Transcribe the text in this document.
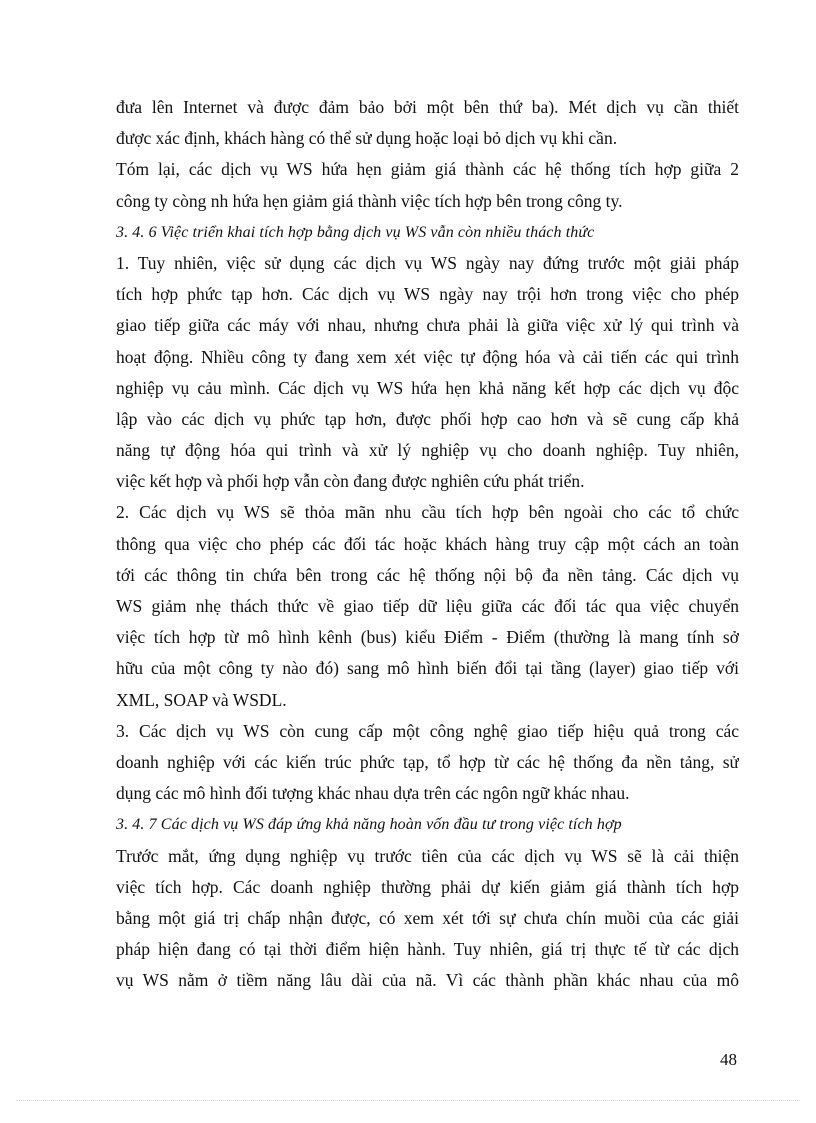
đưa lên Internet và được đảm bảo bởi một bên thứ ba). Mét dịch vụ cần thiết
được xác định, khách hàng có thể sử dụng hoặc loại bỏ dịch vụ khi cần.
Tóm lại, các dịch vụ WS hứa hẹn giảm giá thành các hệ thống tích hợp giữa 2
công ty còng nh hứa hẹn giảm giá thành việc tích hợp bên trong công ty.
3. 4. 6 Việc triển khai tích hợp bằng dịch vụ WS vẫn còn nhiều thách thức
1. Tuy nhiên, việc sử dụng các dịch vụ WS ngày nay đứng trước một giải pháp
tích hợp phức tạp hơn. Các dịch vụ WS ngày nay trội hơn trong việc cho phép
giao tiếp giữa các máy với nhau, nhưng chưa phải là giữa việc xử lý qui trình và
hoạt động. Nhiều công ty đang xem xét việc tự động hóa và cải tiến các qui trình
nghiệp vụ cảu mình. Các dịch vụ WS hứa hẹn khả năng kết hợp các dịch vụ độc
lập vào các dịch vụ phức tạp hơn, được phối hợp cao hơn và sẽ cung cấp khả
năng tự động hóa qui trình và xử lý nghiệp vụ cho doanh nghiệp. Tuy nhiên,
việc kết hợp và phối hợp vẫn còn đang được nghiên cứu phát triển.
2. Các dịch vụ WS sẽ thỏa mãn nhu cầu tích hợp bên ngoài cho các tổ chức
thông qua việc cho phép các đối tác hoặc khách hàng truy cập một cách an toàn
tới các thông tin chứa bên trong các hệ thống nội bộ đa nền tảng. Các dịch vụ
WS giảm nhẹ thách thức về giao tiếp dữ liệu giữa các đối tác qua việc chuyển
việc tích hợp từ mô hình kênh (bus) kiểu Điểm - Điểm (thường là mang tính sở
hữu của một công ty nào đó) sang mô hình biến đổi tại tầng (layer) giao tiếp với
XML, SOAP và WSDL.
3. Các dịch vụ WS còn cung cấp một công nghệ giao tiếp hiệu quả trong các
doanh nghiệp với các kiến trúc phức tạp, tổ hợp từ các hệ thống đa nền tảng, sử
dụng các mô hình đối tượng khác nhau dựa trên các ngôn ngữ khác nhau.
3. 4. 7 Các dịch vụ WS đáp ứng khả năng hoàn vốn đầu tư trong việc tích hợp
Trước mắt, ứng dụng nghiệp vụ trước tiên của các dịch vụ WS sẽ là cải thiện
việc tích hợp. Các doanh nghiệp thường phải dự kiến giảm giá thành tích hợp
bằng một giá trị chấp nhận được, có xem xét tới sự chưa chín muồi của các giải
pháp hiện đang có tại thời điểm hiện hành. Tuy nhiên, giá trị thực tế từ các dịch
vụ WS nằm ở tiềm năng lâu dài của nã. Vì các thành phần khác nhau của mô
48
